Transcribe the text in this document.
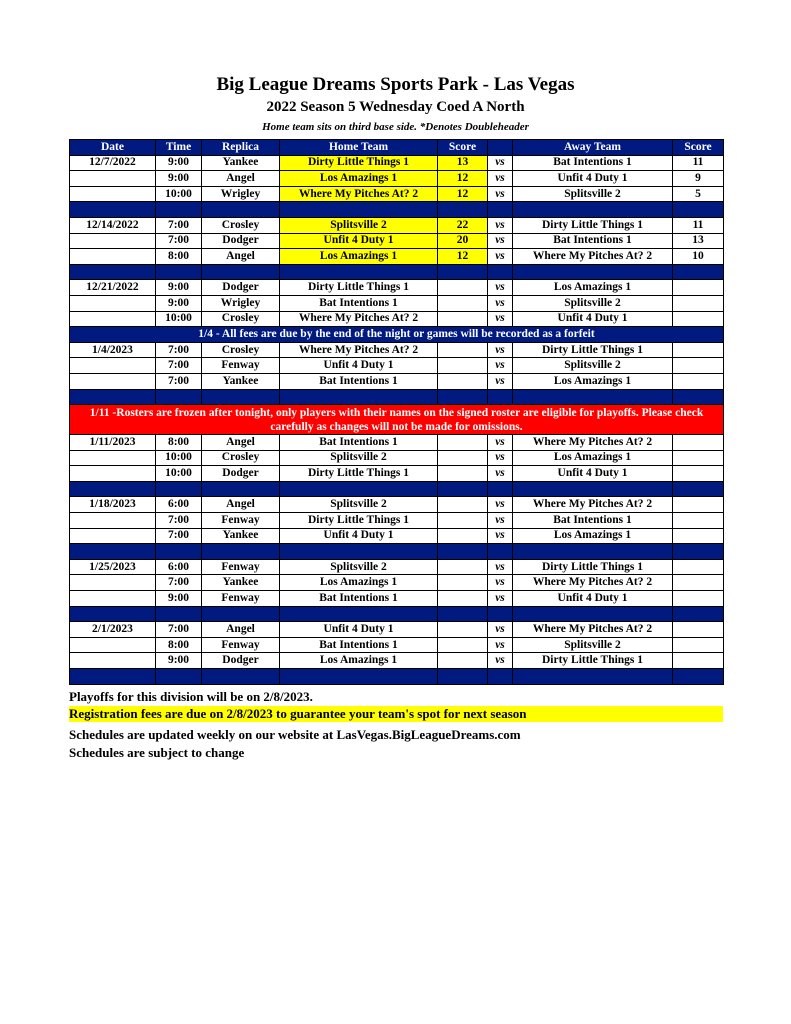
Big League Dreams Sports Park - Las Vegas
2022 Season 5 Wednesday Coed A North
Home team sits on third base side. *Denotes Doubleheader
Date	Time	Replica	Home Team	Score		Away Team	Score
12/7/2022	9:00	Yankee	Dirty Little Things 1	13	vs	Bat Intentions 1	11
	9:00	Angel	Los Amazings 1	12	vs	Unfit 4 Duty 1	9
	10:00	Wrigley	Where My Pitches At? 2	12	vs	Splitsville 2	5

12/14/2022	7:00	Crosley	Splitsville 2	22	vs	Dirty Little Things 1	11
	7:00	Dodger	Unfit 4 Duty 1	20	vs	Bat Intentions 1	13
	8:00	Angel	Los Amazings 1	12	vs	Where My Pitches At? 2	10

12/21/2022	9:00	Dodger	Dirty Little Things 1		vs	Los Amazings 1	
	9:00	Wrigley	Bat Intentions 1		vs	Splitsville 2	
	10:00	Crosley	Where My Pitches At? 2		vs	Unfit 4 Duty 1	
1/4 - All fees are due by the end of the night or games will be recorded as a forfeit							
1/4/2023	7:00	Crosley	Where My Pitches At? 2		vs	Dirty Little Things 1	
	7:00	Fenway	Unfit 4 Duty 1		vs	Splitsville 2	
	7:00	Yankee	Bat Intentions 1		vs	Los Amazings 1	

1/11 -Rosters are frozen after tonight, only players with their names on the signed roster are eligible for playoffs. Please check carefully as changes will not be made for omissions.							
1/11/2023	8:00	Angel	Bat Intentions 1		vs	Where My Pitches At? 2	
	10:00	Crosley	Splitsville 2		vs	Los Amazings 1	
	10:00	Dodger	Dirty Little Things 1		vs	Unfit 4 Duty 1	

1/18/2023	6:00	Angel	Splitsville 2		vs	Where My Pitches At? 2	
	7:00	Fenway	Dirty Little Things 1		vs	Bat Intentions 1	
	7:00	Yankee	Unfit 4 Duty 1		vs	Los Amazings 1	

1/25/2023	6:00	Fenway	Splitsville 2		vs	Dirty Little Things 1	
	7:00	Yankee	Los Amazings 1		vs	Where My Pitches At? 2	
	9:00	Fenway	Bat Intentions 1		vs	Unfit 4 Duty 1	

2/1/2023	7:00	Angel	Unfit 4 Duty 1		vs	Where My Pitches At? 2	
	8:00	Fenway	Bat Intentions 1		vs	Splitsville 2	
	9:00	Dodger	Los Amazings 1		vs	Dirty Little Things 1	

Playoffs for this division will be on 2/8/2023.
Registration fees are due on 2/8/2023 to guarantee your team's spot for next season
Schedules are updated weekly on our website at LasVegas.BigLeagueDreams.com
Schedules are subject to change
